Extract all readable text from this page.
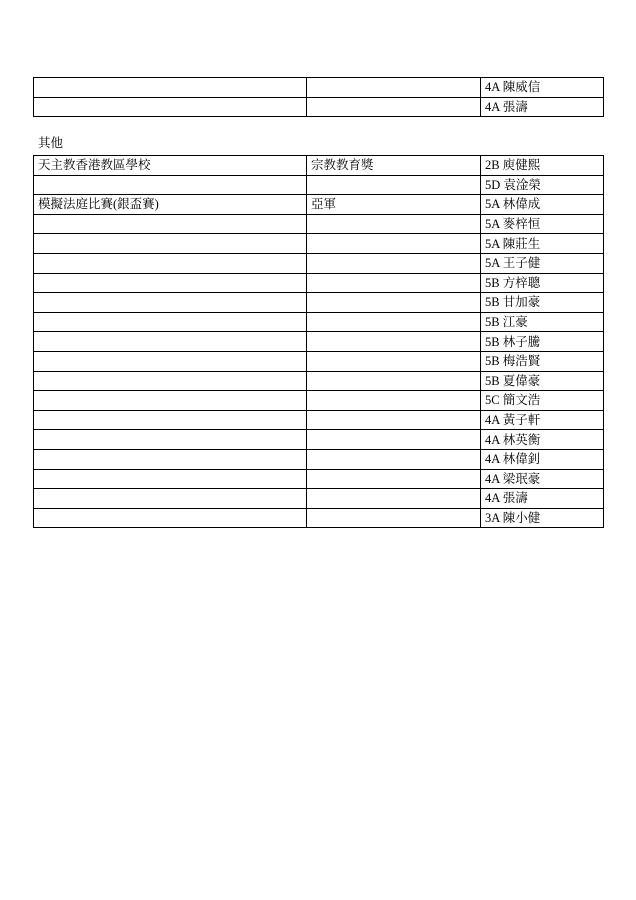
		4A 陳威信
		4A 張濤
其他
天主教香港教區學校	宗教教育獎	2B 庾健熙
		5D 袁淦榮
模擬法庭比賽(銀盃賽)	亞軍	5A 林偉成
		5A 麥梓恒
		5A 陳莊生
		5A 王子健
		5B 方梓聰
		5B 甘加豪
		5B 江豪
		5B 林子騰
		5B 梅浩賢
		5B 夏偉豪
		5C 簡文浩
		4A 黃子軒
		4A 林英衡
		4A 林偉釗
		4A 梁珉豪
		4A 張濤
		3A 陳小健
